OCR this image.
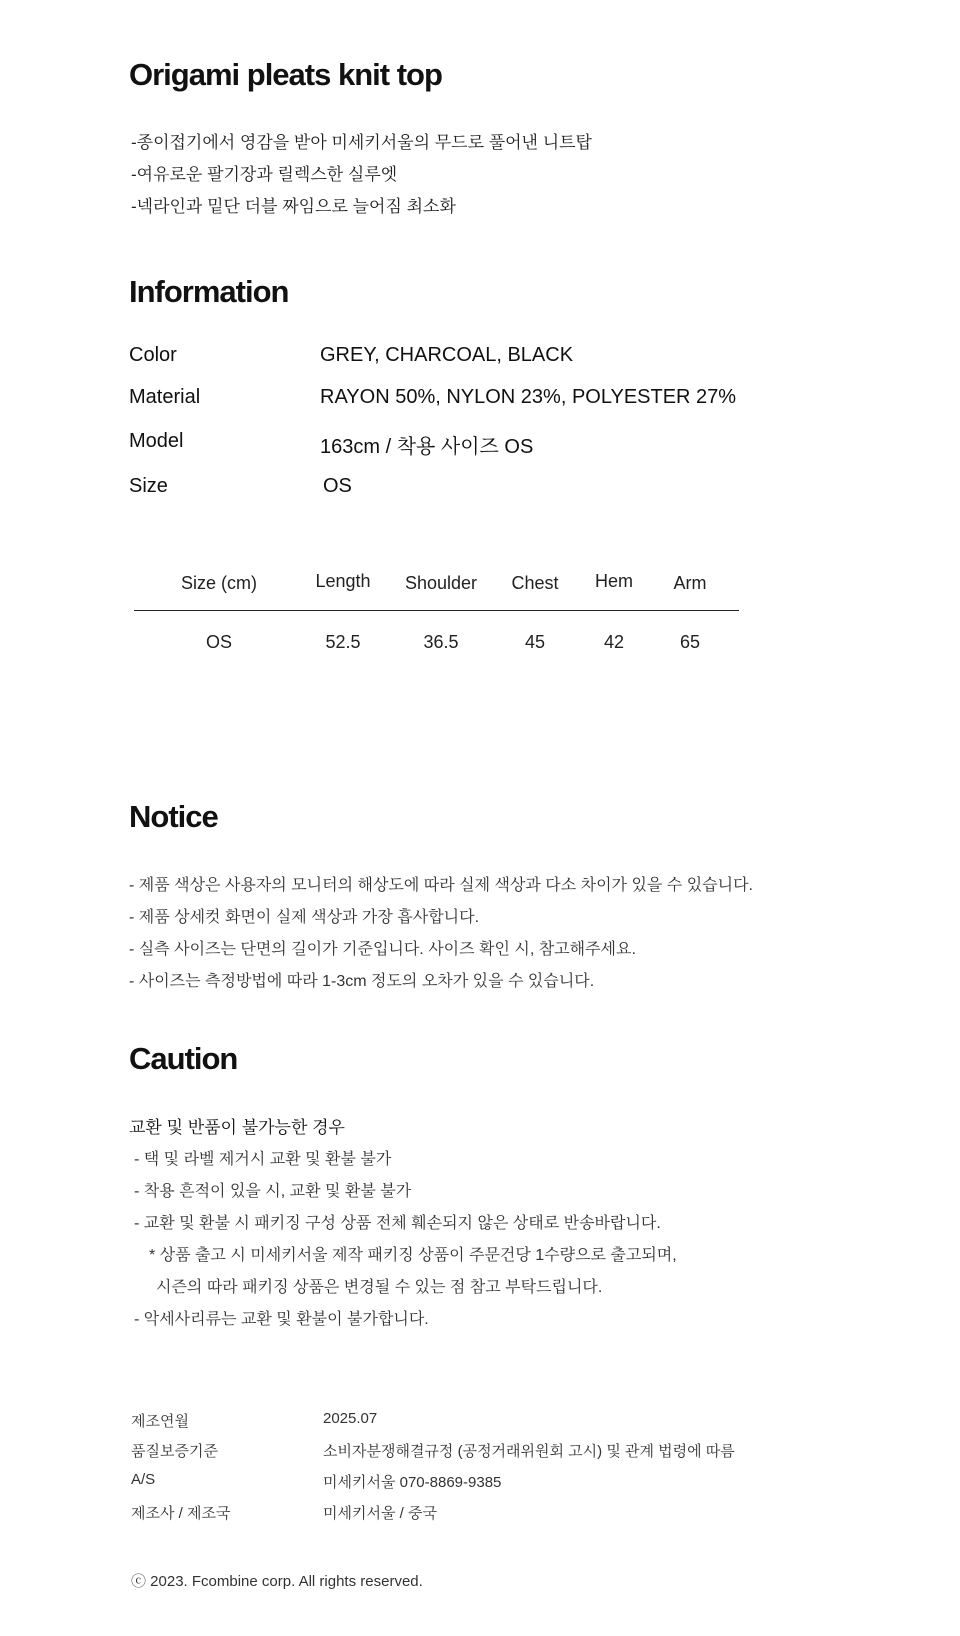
Origami pleats knit top
-종이접기에서 영감을 받아 미세키서울의 무드로 풀어낸 니트탑
-여유로운 팔기장과 릴렉스한 실루엣
-넥라인과 밑단 더블 짜임으로 늘어짐 최소화
Information
Color	GREY, CHARCOAL, BLACK
Material	RAYON 50%, NYLON 23%, POLYESTER 27%
Model	163cm / 착용 사이즈 OS
Size	OS
Size (cm)	Length Shoulder Chest Hem Arm
OS	52.5	36.5	45	42	65
Notice
- 제품 색상은 사용자의 모니터의 해상도에 따라 실제 색상과 다소 차이가 있을 수 있습니다.
- 제품 상세컷 화면이 실제 색상과 가장 흡사합니다.
- 실측 사이즈는 단면의 길이가 기준입니다. 사이즈 확인 시, 참고해주세요.
- 사이즈는 측정방법에 따라 1-3cm 정도의 오차가 있을 수 있습니다.
Caution
교환 및 반품이 불가능한 경우
- 택 및 라벨 제거시 교환 및 환불 불가
- 착용 흔적이 있을 시, 교환 및 환불 불가
- 교환 및 환불 시 패키징 구성 상품 전체 훼손되지 않은 상태로 반송바랍니다.
* 상품 출고 시 미세키서울 제작 패키징 상품이 주문건당 1수량으로 출고되며,
시즌의 따라 패키징 상품은 변경될 수 있는 점 참고 부탁드립니다.
- 악세사리류는 교환 및 환불이 불가합니다.
제조연월	2025.07
품질보증기준	소비자분쟁해결규정 (공정거래위원회 고시) 및 관계 법령에 따름
A/S	미세키서울 070-8869-9385
제조사 / 제조국	미세키서울 / 중국
ⓒ 2023. Fcombine corp. All rights reserved.
